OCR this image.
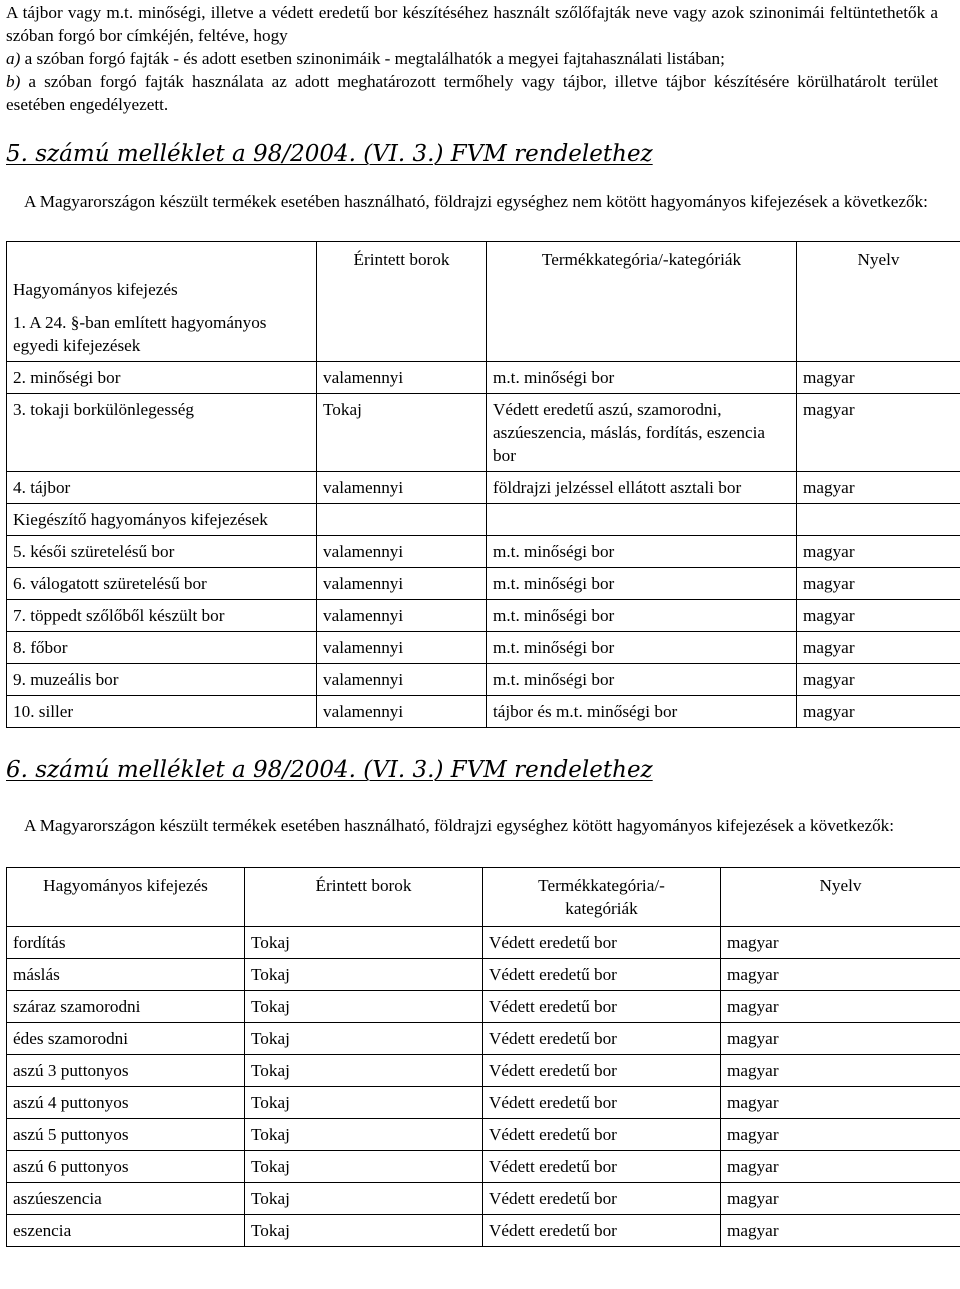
A tájbor vagy m.t. minőségi, illetve a védett eredetű bor készítéséhez használt szőlőfajták neve vagy azok szinonimái feltüntethetők a szóban forgó bor címkéjén, feltéve, hogy

a) a szóban forgó fajták - és adott esetben szinonimáik - megtalálhatók a megyei fajtahasználati listában;

b) a szóban forgó fajták használata az adott meghatározott termőhely vagy tájbor, illetve tájbor készítésére körülhatárolt terület esetében engedélyezett.

5. számú melléklet a 98/2004. (VI. 3.) FVM rendelethez

A Magyarországon készült termékek esetében használható, földrajzi egységhez nem kötött hagyományos kifejezések a következők:

Hagyományos kifejezés
1. A 24. §-ban említett hagyományos egyedi kifejezések	Érintett borok	Termékkategória/-kategóriák	Nyelv
2. minőségi bor	valamennyi	m.t. minőségi bor	magyar
3. tokaji borkülönlegesség	Tokaj	Védett eredetű aszú, szamorodni, aszúeszencia, máslás, fordítás, eszencia bor	magyar
4. tájbor	valamennyi	földrajzi jelzéssel ellátott asztali bor	magyar
Kiegészítő hagyományos kifejezések			
5. késői szüretelésű bor	valamennyi	m.t. minőségi bor	magyar
6. válogatott szüretelésű bor	valamennyi	m.t. minőségi bor	magyar
7. töppedt szőlőből készült bor	valamennyi	m.t. minőségi bor	magyar
8. főbor	valamennyi	m.t. minőségi bor	magyar
9. muzeális bor	valamennyi	m.t. minőségi bor	magyar
10. siller	valamennyi	tájbor és m.t. minőségi bor	magyar
6. számú melléklet a 98/2004. (VI. 3.) FVM rendelethez

A Magyarországon készült termékek esetében használható, földrajzi egységhez kötött hagyományos kifejezések a következők:

Hagyományos kifejezés	Érintett borok	Termékkategória/-kategóriák	Nyelv
fordítás	Tokaj	Védett eredetű bor	magyar
máslás	Tokaj	Védett eredetű bor	magyar
száraz szamorodni	Tokaj	Védett eredetű bor	magyar
édes szamorodni	Tokaj	Védett eredetű bor	magyar
aszú 3 puttonyos	Tokaj	Védett eredetű bor	magyar
aszú 4 puttonyos	Tokaj	Védett eredetű bor	magyar
aszú 5 puttonyos	Tokaj	Védett eredetű bor	magyar
aszú 6 puttonyos	Tokaj	Védett eredetű bor	magyar
aszúeszencia	Tokaj	Védett eredetű bor	magyar
eszencia	Tokaj	Védett eredetű bor	magyar
